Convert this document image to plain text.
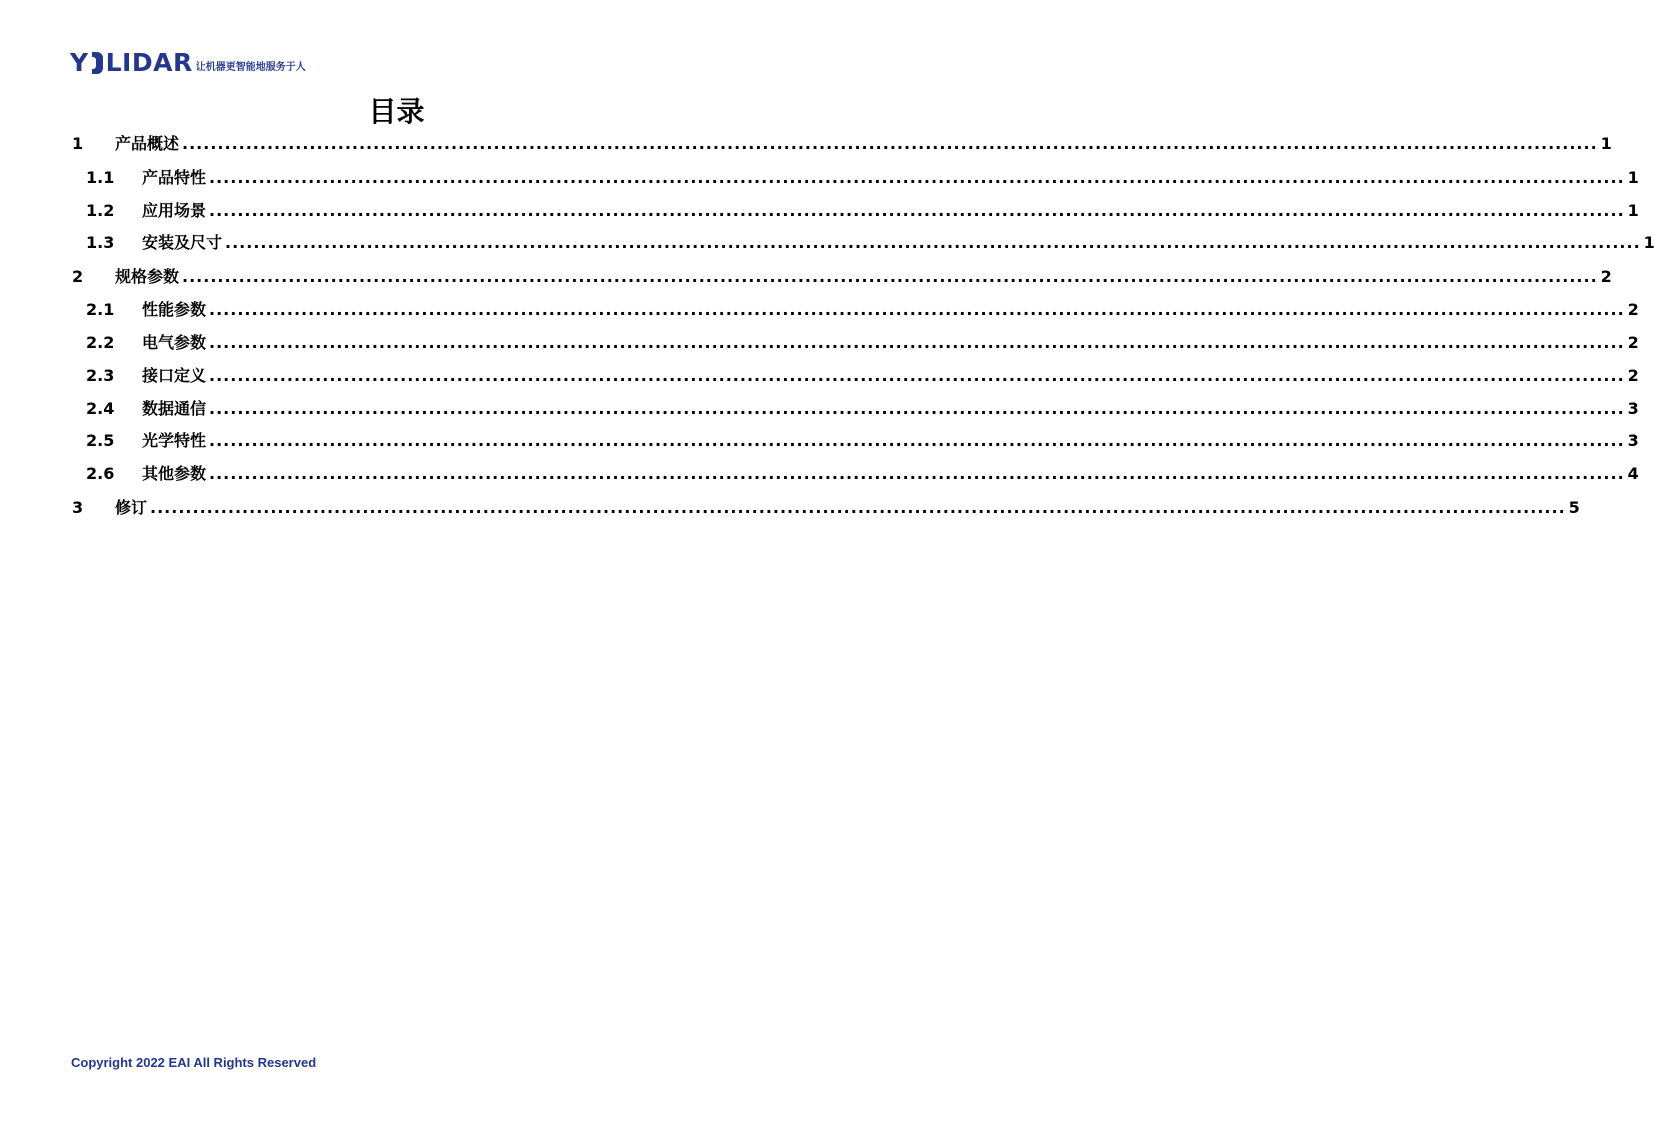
Y LIDAR 让机器更智能地服务于人
目录
1	产品概述 ........................................................................................................................................................................................................ 1
1.1	产品特性 ........................................................................................................................................................................................................ 1
1.2	应用场景 ........................................................................................................................................................................................................ 1
1.3	安装及尺寸 ........................................................................................................................................................................................................ 1
2	规格参数 ........................................................................................................................................................................................................ 2
2.1	性能参数 ........................................................................................................................................................................................................ 2
2.2	电气参数 ........................................................................................................................................................................................................ 2
2.3	接口定义 ........................................................................................................................................................................................................ 2
2.4	数据通信 ........................................................................................................................................................................................................ 3
2.5	光学特性 ........................................................................................................................................................................................................ 3
2.6	其他参数 ........................................................................................................................................................................................................ 4
3	修订 ........................................................................................................................................................................................................ 5
Copyright 2022 EAI All Rights Reserved
